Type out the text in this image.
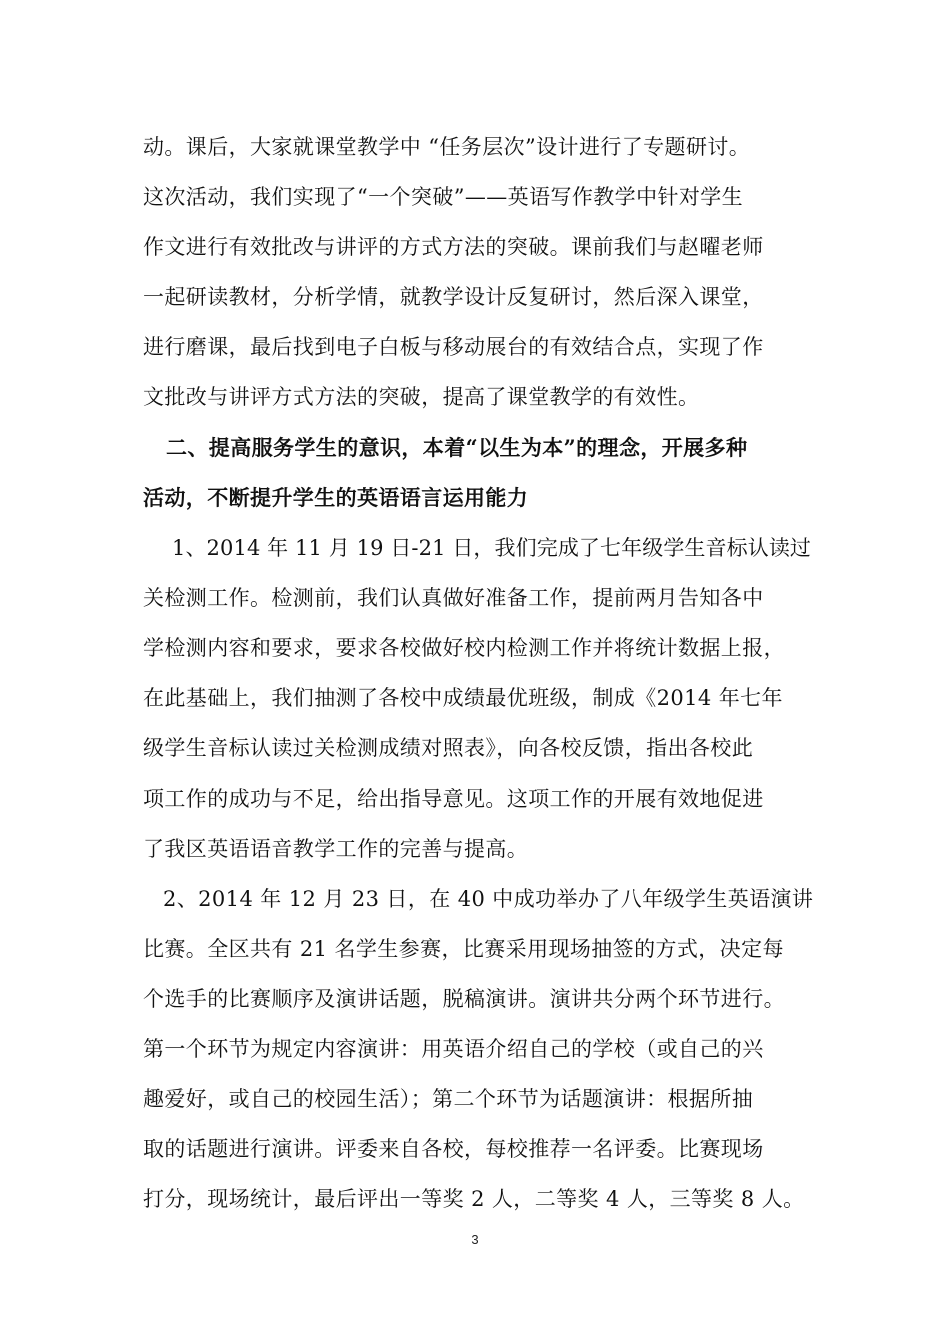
动。课后，大家就课堂教学中 “任务层次”设计进行了专题研讨。
这次活动，我们实现了“一个突破”——英语写作教学中针对学生
作文进行有效批改与讲评的方式方法的突破。课前我们与赵曜老师
一起研读教材，分析学情，就教学设计反复研讨，然后深入课堂，
进行磨课，最后找到电子白板与移动展台的有效结合点，实现了作
文批改与讲评方式方法的突破，提高了课堂教学的有效性。
二、提高服务学生的意识，本着“以生为本”的理念，开展多种
活动，不断提升学生的英语语言运用能力
1、2014 年 11 月 19 日-21 日，我们完成了七年级学生音标认读过
关检测工作。检测前，我们认真做好准备工作，提前两月告知各中
学检测内容和要求，要求各校做好校内检测工作并将统计数据上报，
在此基础上，我们抽测了各校中成绩最优班级，制成《2014 年七年
级学生音标认读过关检测成绩对照表》，向各校反馈，指出各校此
项工作的成功与不足，给出指导意见。这项工作的开展有效地促进
了我区英语语音教学工作的完善与提高。
2、2014 年 12 月 23 日，在 40 中成功举办了八年级学生英语演讲
比赛。全区共有 21 名学生参赛，比赛采用现场抽签的方式，决定每
个选手的比赛顺序及演讲话题，脱稿演讲。演讲共分两个环节进行。
第一个环节为规定内容演讲：用英语介绍自己的学校（或自己的兴
趣爱好，或自己的校园生活）；第二个环节为话题演讲：根据所抽
取的话题进行演讲。评委来自各校，每校推荐一名评委。比赛现场
打分，现场统计，最后评出一等奖 2 人，二等奖 4 人，三等奖 8 人。
3
